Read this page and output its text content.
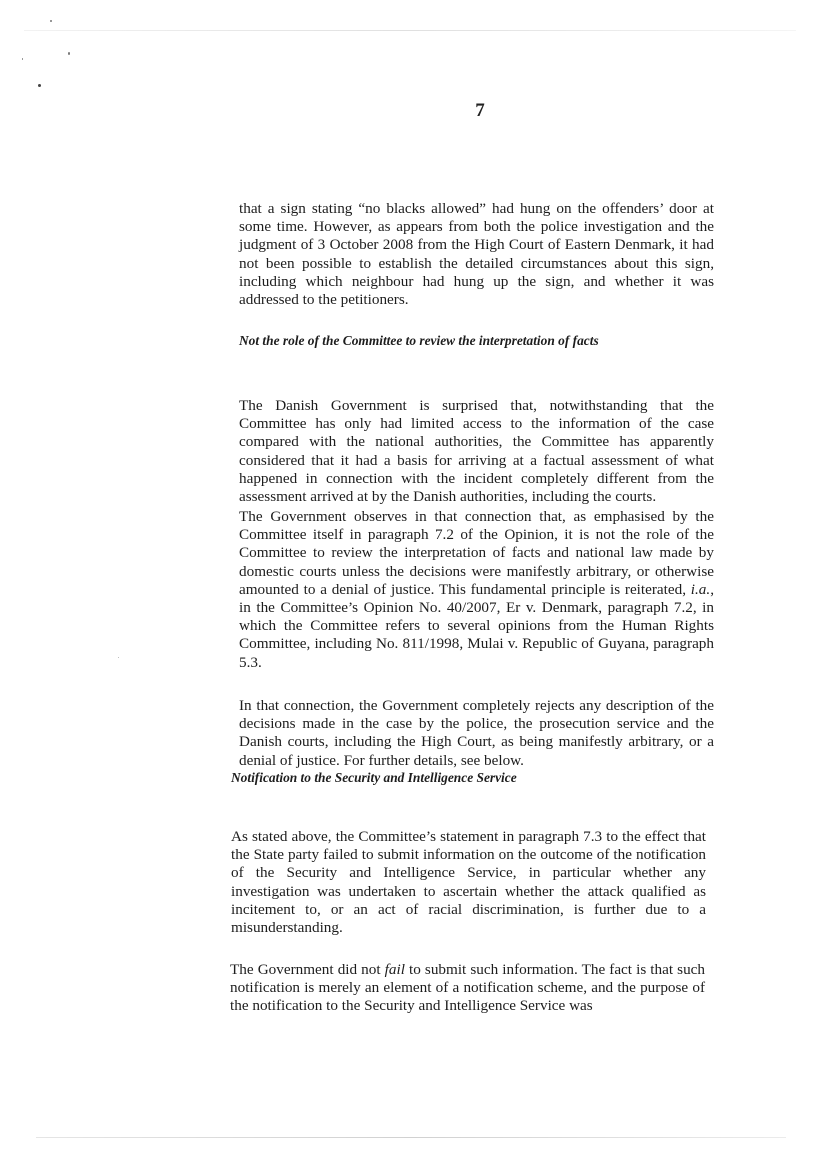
7

that a sign stating “no blacks allowed” had hung on the offenders’ door at some time. However, as appears from both the police investigation and the judgment of 3 October 2008 from the High Court of Eastern Denmark, it had not been possible to establish the detailed circumstances about this sign, including which neighbour had hung up the sign, and whether it was addressed to the petitioners.

Not the role of the Committee to review the interpretation of facts

The Danish Government is surprised that, notwithstanding that the Committee has only had limited access to the information of the case compared with the national authorities, the Committee has apparently considered that it had a basis for arriving at a factual assessment of what happened in connection with the incident completely different from the assessment arrived at by the Danish authorities, including the courts.

The Government observes in that connection that, as emphasised by the Committee itself in paragraph 7.2 of the Opinion, it is not the role of the Committee to review the interpretation of facts and national law made by domestic courts unless the decisions were manifestly arbitrary, or otherwise amounted to a denial of justice. This fundamental principle is reiterated, i.a., in the Committee’s Opinion No. 40/2007, Er v. Denmark, paragraph 7.2, in which the Committee refers to several opinions from the Human Rights Committee, including No. 811/1998, Mulai v. Republic of Guyana, paragraph 5.3.

In that connection, the Government completely rejects any description of the decisions made in the case by the police, the prosecution service and the Danish courts, including the High Court, as being manifestly arbitrary, or a denial of justice. For further details, see below.

Notification to the Security and Intelligence Service

As stated above, the Committee’s statement in paragraph 7.3 to the effect that the State party failed to submit information on the outcome of the notification of the Security and Intelligence Service, in particular whether any investigation was undertaken to ascertain whether the attack qualified as incitement to, or an act of racial discrimination, is further due to a misunderstanding.

The Government did not fail to submit such information. The fact is that such notification is merely an element of a notification scheme, and the purpose of the notification to the Security and Intelligence Service was
